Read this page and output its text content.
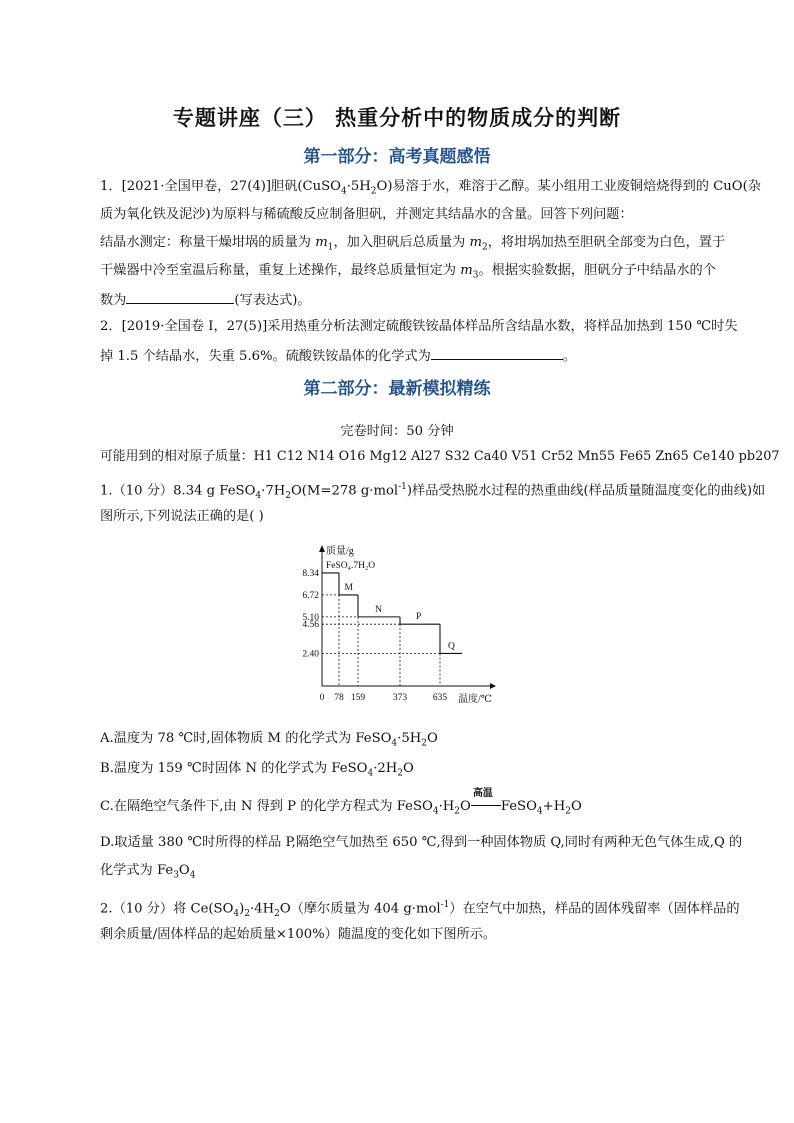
专题讲座（三） 热重分析中的物质成分的判断
第一部分：高考真题感悟
1．[2021·全国甲卷，27(4)]胆矾$(CuSO_4\cdot 5H_2O)$易溶于水，难溶于乙醇。某小组用工业废铜焙烧得到的 CuO(杂
质为氧化铁及泥沙)为原料与稀硫酸反应制备胆矾，并测定其结晶水的含量。回答下列问题：
结晶水测定：称量干燥坩埚的质量为 $m_1$，加入胆矾后总质量为 $m_2$，将坩埚加热至胆矾全部变为白色，置于
干燥器中冷至室温后称量，重复上述操作，最终总质量恒定为 $m_3$。根据实验数据，胆矾分子中结晶水的个
数为	(写表达式)。
2．[2019·全国卷 I，27(5)]采用热重分析法测定硫酸铁铵晶体样品所含结晶水数，将样品加热到 150 ℃时失
掉 1.5 个结晶水，失重 5.6%。硫酸铁铵晶体的化学式为	。
第二部分：最新模拟精练
完卷时间：50 分钟
可能用到的相对原子质量：H1 C12 N14 O16 Mg12 Al27 S32 Ca40 V51 Cr52 Mn55 Fe65 Zn65 Ce140 pb207
1.（10 分）8.34 g $FeSO_4\cdot 7H_2O(M=278$ g·mol$^{-1}$)样品受热脱水过程的热重曲线(样品质量随温度变化的曲线)如
图所示,下列说法正确的是( )
质量/g
温度/℃
0 78 159	373	635
8.34
6.72
5.10
4.56
2.40
FeSO₄.7H₂O
M
N
P
Q
A.温度为 78 ℃时,固体物质 M 的化学式为 $FeSO_4\cdot 5H_2O$
B.温度为 159 ℃时固体 N 的化学式为 $FeSO_4\cdot 2H_2O$
C.在隔绝空气条件下,由 N 得到 P 的化学方程式为 $FeSO_4\cdot H_2O$
高温
$FeSO_4+H_2O$
D.取适量 380 ℃时所得的样品 P,隔绝空气加热至 650 ℃,得到一种固体物质 Q,同时有两种无色气体生成,Q 的
化学式为 $Fe_3O_4$
2.（10 分）将 $Ce(SO_4)_2\cdot 4H_2O$（摩尔质量为 404 g·mol$^{-1}$）在空气中加热，样品的固体残留率（固体样品的
剩余质量/固体样品的起始质量×100%）随温度的变化如下图所示。
